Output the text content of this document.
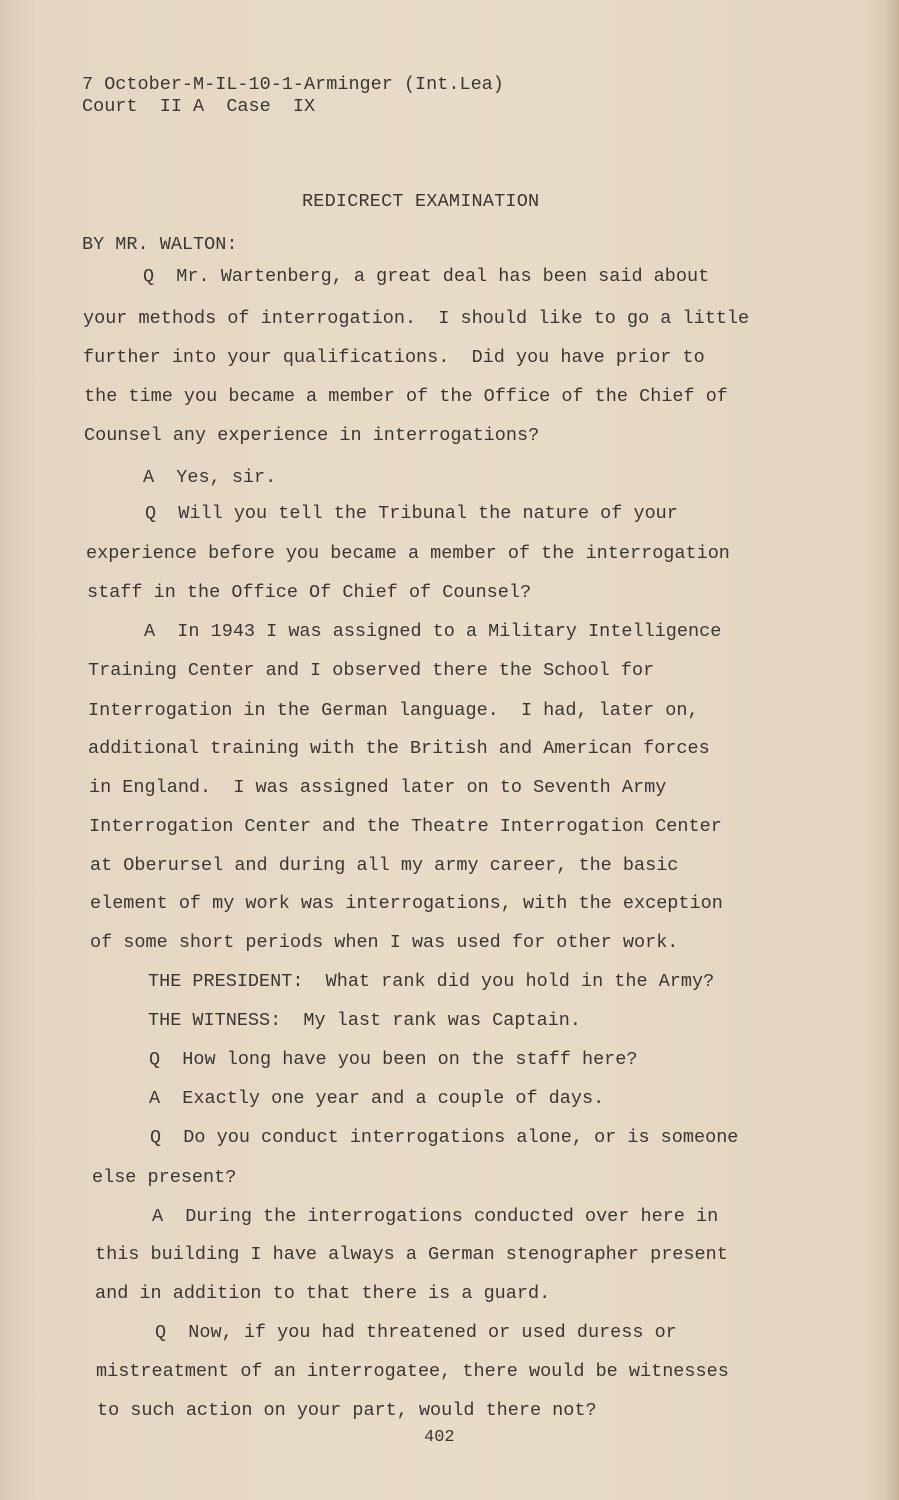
7 October-M-IL-10-1-Arminger (Int.Lea)
Court  II A  Case  IX
REDICRECT EXAMINATION
BY MR. WALTON:
Q  Mr. Wartenberg, a great deal has been said about
your methods of interrogation.  I should like to go a little
further into your qualifications.  Did you have prior to
the time you became a member of the Office of the Chief of
Counsel any experience in interrogations?
A  Yes, sir.
Q  Will you tell the Tribunal the nature of your
experience before you became a member of the interrogation
staff in the Office Of Chief of Counsel?
A  In 1943 I was assigned to a Military Intelligence
Training Center and I observed there the School for
Interrogation in the German language.  I had, later on,
additional training with the British and American forces
in England.  I was assigned later on to Seventh Army
Interrogation Center and the Theatre Interrogation Center
at Oberursel and during all my army career, the basic
element of my work was interrogations, with the exception
of some short periods when I was used for other work.
THE PRESIDENT:  What rank did you hold in the Army?
THE WITNESS:  My last rank was Captain.
Q  How long have you been on the staff here?
A  Exactly one year and a couple of days.
Q  Do you conduct interrogations alone, or is someone
else present?
A  During the interrogations conducted over here in
this building I have always a German stenographer present
and in addition to that there is a guard.
Q  Now, if you had threatened or used duress or
mistreatment of an interrogatee, there would be witnesses
to such action on your part, would there not?
402
